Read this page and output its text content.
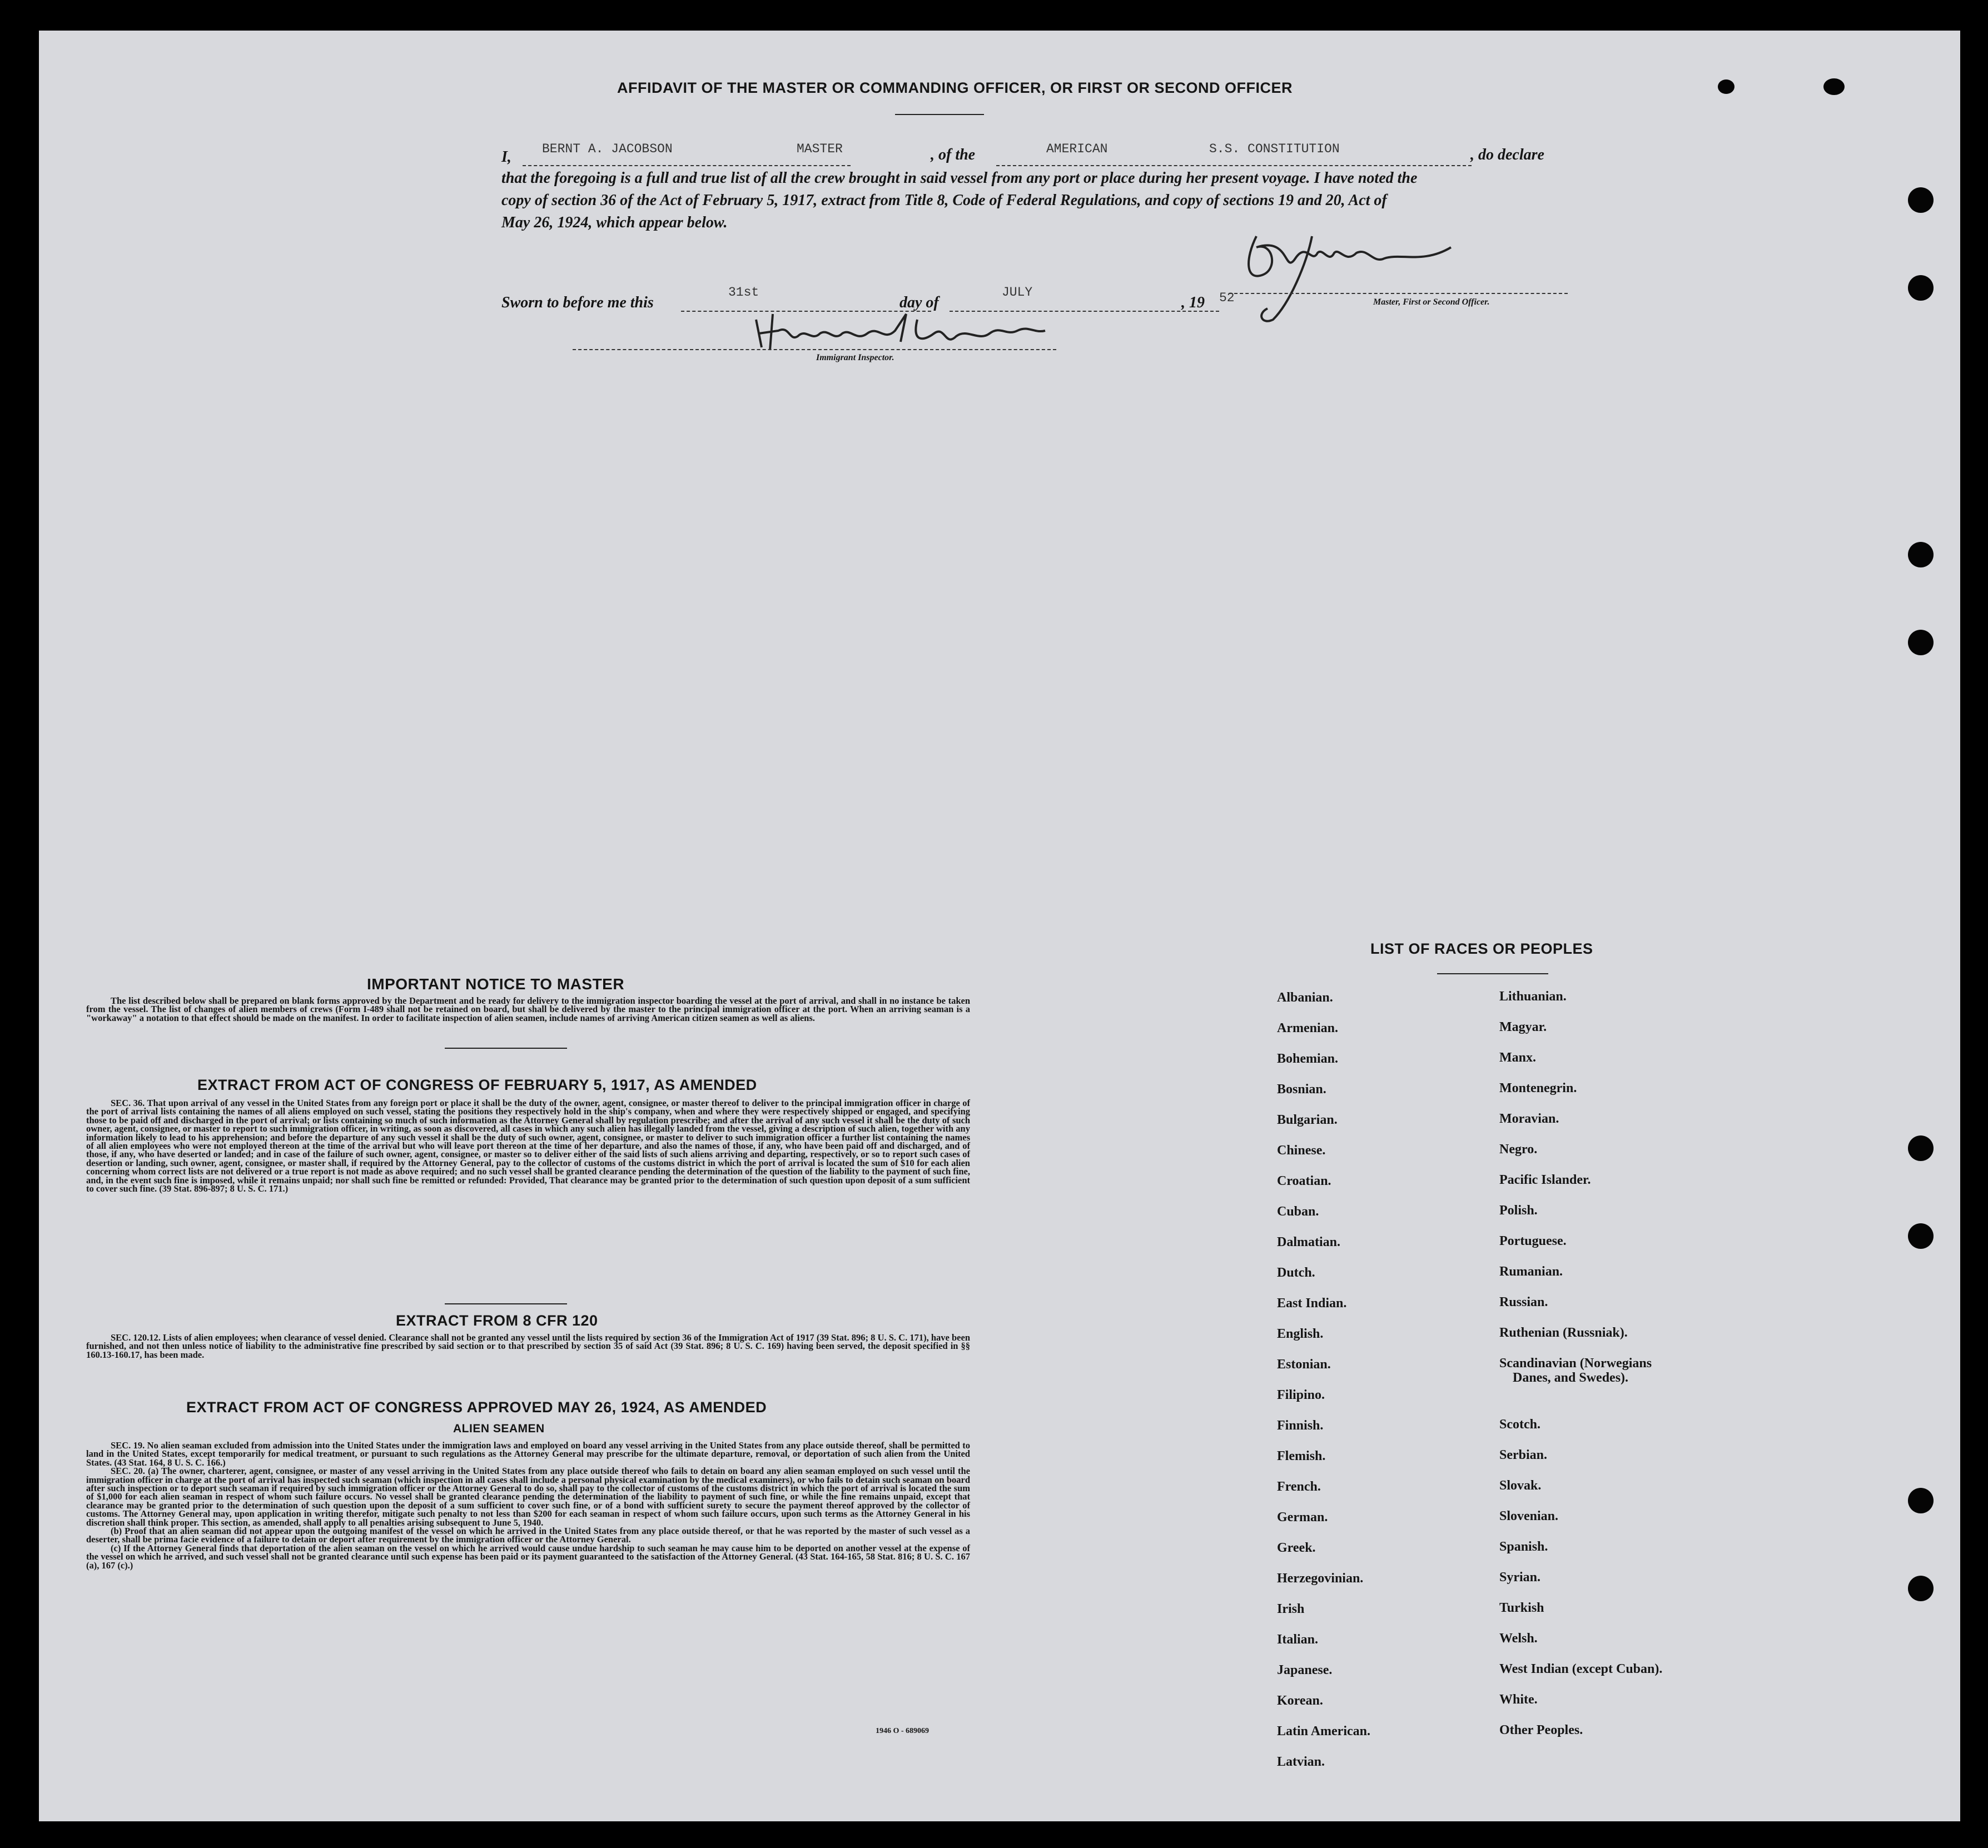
AFFIDAVIT OF THE MASTER OR COMMANDING OFFICER, OR FIRST OR SECOND OFFICER
I, BERNT A. JACOBSON	MASTER	, of the	AMERICAN	S.S. CONSTITUTION	, do declare
that the foregoing is a full and true list of all the crew brought in said vessel from any port or place during her present voyage. I have noted the
copy of section 36 of the Act of February 5, 1917, extract from Title 8, Code of Federal Regulations, and copy of sections 19 and 20, Act of
May 26, 1924, which appear below.
Master, First or Second Officer.
Sworn to before me this
31st
day of
JULY
, 19 52
Immigrant Inspector.
IMPORTANT NOTICE TO MASTER

The list described below shall be prepared on blank forms approved by the Department and be ready for delivery to the immigration inspector boarding the vessel at the port of arrival, and shall in no instance be taken from the vessel. The list of changes of alien members of crews (Form I-489 shall not be retained on board, but shall be delivered by the master to the principal immigration officer at the port. When an arriving seaman is a "workaway" a notation to that effect should be made on the manifest. In order to facilitate inspection of alien seamen, include names of arriving American citizen seamen as well as aliens.

EXTRACT FROM ACT OF CONGRESS OF FEBRUARY 5, 1917, AS AMENDED

SEC. 36. That upon arrival of any vessel in the United States from any foreign port or place it shall be the duty of the owner, agent, consignee, or master thereof to deliver to the principal immigration officer in charge of the port of arrival lists containing the names of all aliens employed on such vessel, stating the positions they respectively hold in the ship's company, when and where they were respectively shipped or engaged, and specifying those to be paid off and discharged in the port of arrival; or lists containing so much of such information as the Attorney General shall by regulation prescribe; and after the arrival of any such vessel it shall be the duty of such owner, agent, consignee, or master to report to such immigration officer, in writing, as soon as discovered, all cases in which any such alien has illegally landed from the vessel, giving a description of such alien, together with any information likely to lead to his apprehension; and before the departure of any such vessel it shall be the duty of such owner, agent, consignee, or master to deliver to such immigration officer a further list containing the names of all alien employees who were not employed thereon at the time of the arrival but who will leave port thereon at the time of her departure, and also the names of those, if any, who have been paid off and discharged, and of those, if any, who have deserted or landed; and in case of the failure of such owner, agent, consignee, or master so to deliver either of the said lists of such aliens arriving and departing, respectively, or so to report such cases of desertion or landing, such owner, agent, consignee, or master shall, if required by the Attorney General, pay to the collector of customs of the customs district in which the port of arrival is located the sum of $10 for each alien concerning whom correct lists are not delivered or a true report is not made as above required; and no such vessel shall be granted clearance pending the determination of the question of the liability to the payment of such fine, and, in the event such fine is imposed, while it remains unpaid; nor shall such fine be remitted or refunded: Provided, That clearance may be granted prior to the determination of such question upon deposit of a sum sufficient to cover such fine. (39 Stat. 896-897; 8 U. S. C. 171.)

EXTRACT FROM 8 CFR 120

SEC. 120.12. Lists of alien employees; when clearance of vessel denied. Clearance shall not be granted any vessel until the lists required by section 36 of the Immigration Act of 1917 (39 Stat. 896; 8 U. S. C. 171), have been furnished, and not then unless notice of liability to the administrative fine prescribed by said section or to that prescribed by section 35 of said Act (39 Stat. 896; 8 U. S. C. 169) having been served, the deposit specified in §§ 160.13-160.17, has been made.

EXTRACT FROM ACT OF CONGRESS APPROVED MAY 26, 1924, AS AMENDED
ALIEN SEAMEN

SEC. 19. No alien seaman excluded from admission into the United States under the immigration laws and employed on board any vessel arriving in the United States from any place outside thereof, shall be permitted to land in the United States, except temporarily for medical treatment, or pursuant to such regulations as the Attorney General may prescribe for the ultimate departure, removal, or deportation of such alien from the United States. (43 Stat. 164, 8 U. S. C. 166.)

SEC. 20. (a) The owner, charterer, agent, consignee, or master of any vessel arriving in the United States from any place outside thereof who fails to detain on board any alien seaman employed on such vessel until the immigration officer in charge at the port of arrival has inspected such seaman (which inspection in all cases shall include a personal physical examination by the medical examiners), or who fails to detain such seaman on board after such inspection or to deport such seaman if required by such immigration officer or the Attorney General to do so, shall pay to the collector of customs of the customs district in which the port of arrival is located the sum of $1,000 for each alien seaman in respect of whom such failure occurs. No vessel shall be granted clearance pending the determination of the liability to payment of such fine, or while the fine remains unpaid, except that clearance may be granted prior to the determination of such question upon the deposit of a sum sufficient to cover such fine, or of a bond with sufficient surety to secure the payment thereof approved by the collector of customs. The Attorney General may, upon application in writing therefor, mitigate such penalty to not less than $200 for each seaman in respect of whom such failure occurs, upon such terms as the Attorney General in his discretion shall think proper. This section, as amended, shall apply to all penalties arising subsequent to June 5, 1940.

(b) Proof that an alien seaman did not appear upon the outgoing manifest of the vessel on which he arrived in the United States from any place outside thereof, or that he was reported by the master of such vessel as a deserter, shall be prima facie evidence of a failure to detain or deport after requirement by the immigration officer or the Attorney General.

(c) If the Attorney General finds that deportation of the alien seaman on the vessel on which he arrived would cause undue hardship to such seaman he may cause him to be deported on another vessel at the expense of the vessel on which he arrived, and such vessel shall not be granted clearance until such expense has been paid or its payment guaranteed to the satisfaction of the Attorney General. (43 Stat. 164-165, 58 Stat. 816; 8 U. S. C. 167 (a), 167 (c).)

1946 O - 689069
LIST OF RACES OR PEOPLES
Albanian.
Armenian.
Bohemian.
Bosnian.
Bulgarian.
Chinese.
Croatian.
Cuban.
Dalmatian.
Dutch.
East Indian.
English.
Estonian.
Filipino.
Finnish.
Flemish.
French.
German.
Greek.
Herzegovinian.
Irish
Italian.
Japanese.
Korean.
Latin American.
Latvian.
Lithuanian.
Magyar.
Manx.
Montenegrin.
Moravian.
Negro.
Pacific Islander.
Polish.
Portuguese.
Rumanian.
Russian.
Ruthenian (Russniak).
Scandinavian (Norwegians
Danes, and Swedes).
Scotch.
Serbian.
Slovak.
Slovenian.
Spanish.
Syrian.
Turkish
Welsh.
West Indian (except Cuban).
White.
Other Peoples.
